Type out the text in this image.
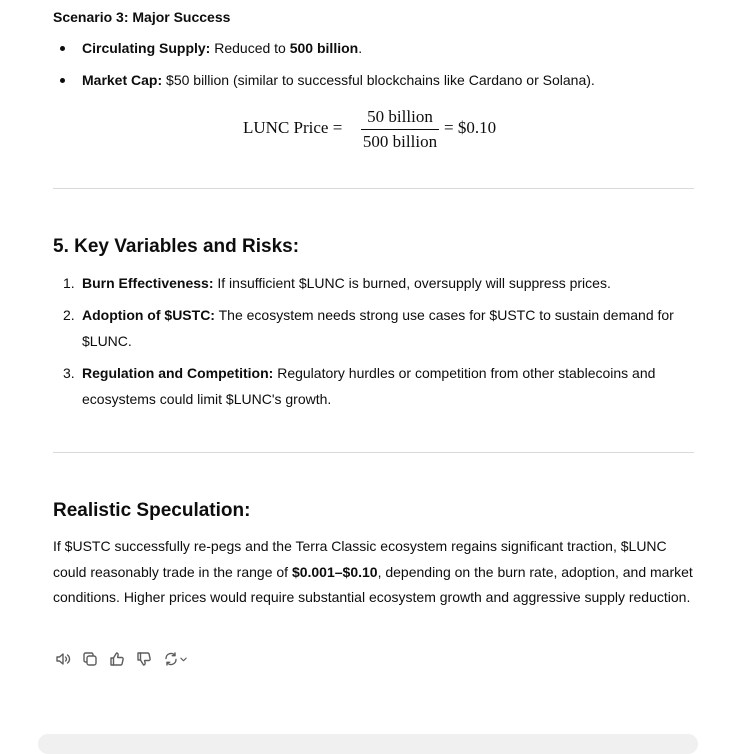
Scenario 3: Major Success
Circulating Supply: Reduced to 500 billion.
Market Cap: $50 billion (similar to successful blockchains like Cardano or Solana).
LUNC Price =
50 billion
500 billion
= $0.10
5. Key Variables and Risks:
1. Burn Effectiveness: If insufficient $LUNC is burned, oversupply will suppress prices.
2. Adoption of $USTC: The ecosystem needs strong use cases for $USTC to sustain demand for $LUNC.
3. Regulation and Competition: Regulatory hurdles or competition from other stablecoins and ecosystems could limit $LUNC's growth.
Realistic Speculation:
If $USTC successfully re-pegs and the Terra Classic ecosystem regains significant traction, $LUNC could reasonably trade in the range of $0.001–$0.10, depending on the burn rate, adoption, and market conditions. Higher prices would require substantial ecosystem growth and aggressive supply reduction.
